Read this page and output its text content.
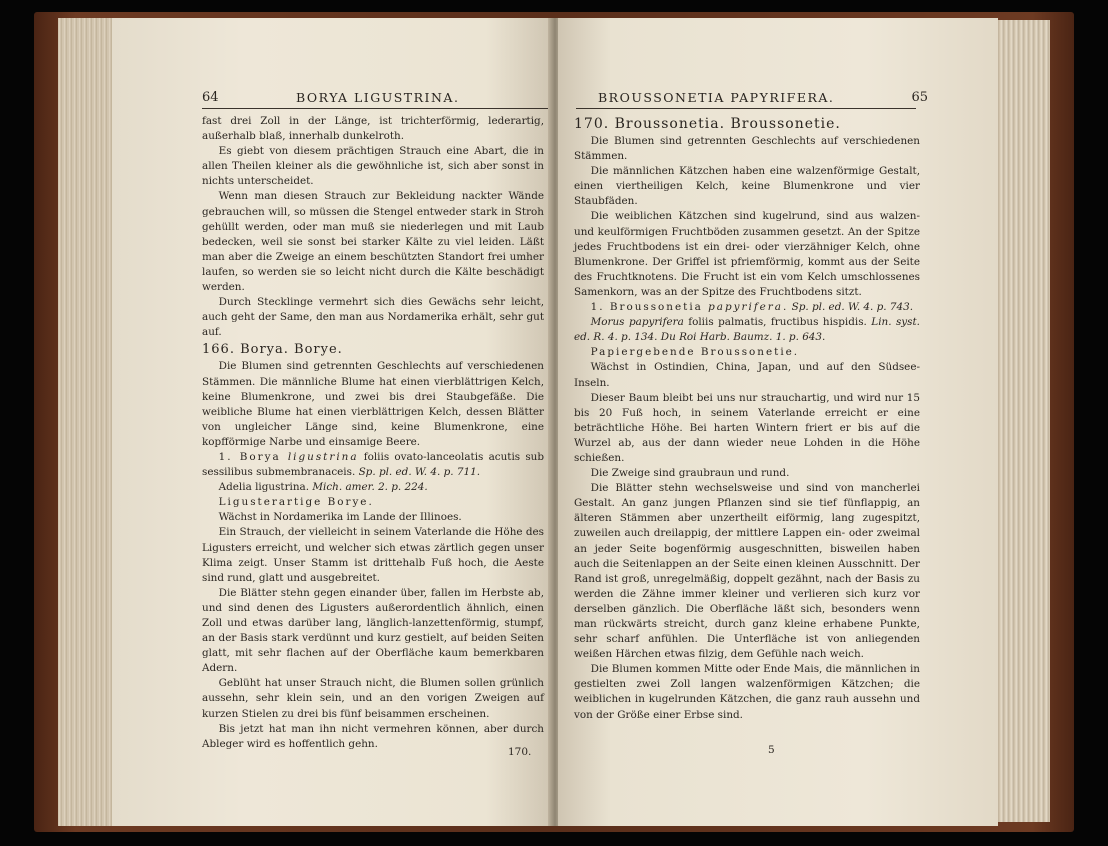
64	BORYA LIGUSTRINA.

fast drei Zoll in der Länge, ist trichterförmig, lederartig, außerhalb blaß, innerhalb dunkelroth.

Es giebt von diesem prächtigen Strauch eine Abart, die in allen Theilen kleiner als die gewöhnliche ist, sich aber sonst in nichts unterscheidet.

Wenn man diesen Strauch zur Bekleidung nackter Wände gebrauchen will, so müssen die Stengel entweder stark in Stroh gehüllt werden, oder man muß sie niederlegen und mit Laub bedecken, weil sie sonst bei starker Kälte zu viel leiden. Läßt man aber die Zweige an einem beschützten Standort frei umher laufen, so werden sie so leicht nicht durch die Kälte beschädigt werden.

Durch Stecklinge vermehrt sich dies Gewächs sehr leicht, auch geht der Same, den man aus Nordamerika erhält, sehr gut auf.

166. Borya. Borye.

Die Blumen sind getrennten Geschlechts auf verschiedenen Stämmen. Die männliche Blume hat einen vierblättrigen Kelch, keine Blumenkrone, und zwei bis drei Staubgefäße. Die weibliche Blume hat einen vierblättrigen Kelch, dessen Blätter von ungleicher Länge sind, keine Blumenkrone, eine kopfförmige Narbe und einsamige Beere.

1. Borya ligustrina foliis ovato-lanceolatis acutis sub sessilibus submembranaceis. Sp. pl. ed. W. 4. p. 711.

Adelia ligustrina. Mich. amer. 2. p. 224.

Ligusterartige Borye.

Wächst in Nordamerika im Lande der Illinoes.

Ein Strauch, der vielleicht in seinem Vaterlande die Höhe des Ligusters erreicht, und welcher sich etwas zärtlich gegen unser Klima zeigt. Unser Stamm ist drittehalb Fuß hoch, die Aeste sind rund, glatt und ausgebreitet.

Die Blätter stehn gegen einander über, fallen im Herbste ab, und sind denen des Ligusters außerordentlich ähnlich, einen Zoll und etwas darüber lang, länglich-lanzettenförmig, stumpf, an der Basis stark verdünnt und kurz gestielt, auf beiden Seiten glatt, mit sehr flachen auf der Oberfläche kaum bemerkbaren Adern.

Geblüht hat unser Strauch nicht, die Blumen sollen grünlich aussehn, sehr klein sein, und an den vorigen Zweigen auf kurzen Stielen zu drei bis fünf beisammen erscheinen.

Bis jetzt hat man ihn nicht vermehren können, aber durch Ableger wird es hoffentlich gehn.

170.
BROUSSONETIA PAPYRIFERA.	65

170. Broussonetia. Broussonetie.

Die Blumen sind getrennten Geschlechts auf verschiedenen Stämmen.

Die männlichen Kätzchen haben eine walzenförmige Gestalt, einen viertheiligen Kelch, keine Blumenkrone und vier Staubfäden.

Die weiblichen Kätzchen sind kugelrund, sind aus walzen- und keulförmigen Fruchtböden zusammen gesetzt. An der Spitze jedes Fruchtbodens ist ein drei- oder vierzähniger Kelch, ohne Blumenkrone. Der Griffel ist pfriemförmig, kommt aus der Seite des Fruchtknotens. Die Frucht ist ein vom Kelch umschlossenes Samenkorn, was an der Spitze des Fruchtbodens sitzt.

1. Broussonetia papyrifera. Sp. pl. ed. W. 4. p. 743.

Morus papyrifera foliis palmatis, fructibus hispidis. Lin. syst. ed. R. 4. p. 134. Du Roi Harb. Baumz. 1. p. 643.

Papiergebende Broussonetie.

Wächst in Ostindien, China, Japan, und auf den Südsee-Inseln.

Dieser Baum bleibt bei uns nur strauchartig, und wird nur 15 bis 20 Fuß hoch, in seinem Vaterlande erreicht er eine beträchtliche Höhe. Bei harten Wintern friert er bis auf die Wurzel ab, aus der dann wieder neue Lohden in die Höhe schießen.

Die Zweige sind graubraun und rund.

Die Blätter stehn wechselsweise und sind von mancherlei Gestalt. An ganz jungen Pflanzen sind sie tief fünflappig, an älteren Stämmen aber unzertheilt eiförmig, lang zugespitzt, zuweilen auch dreilappig, der mittlere Lappen ein- oder zweimal an jeder Seite bogenförmig ausgeschnitten, bisweilen haben auch die Seitenlappen an der Seite einen kleinen Ausschnitt. Der Rand ist groß, unregelmäßig, doppelt gezähnt, nach der Basis zu werden die Zähne immer kleiner und verlieren sich kurz vor derselben gänzlich. Die Oberfläche läßt sich, besonders wenn man rückwärts streicht, durch ganz kleine erhabene Punkte, sehr scharf anfühlen. Die Unterfläche ist von anliegenden weißen Härchen etwas filzig, dem Gefühle nach weich.

Die Blumen kommen Mitte oder Ende Mais, die männlichen in gestielten zwei Zoll langen walzenförmigen Kätzchen; die weiblichen in kugelrunden Kätzchen, die ganz rauh aussehn und von der Größe einer Erbse sind.

5
